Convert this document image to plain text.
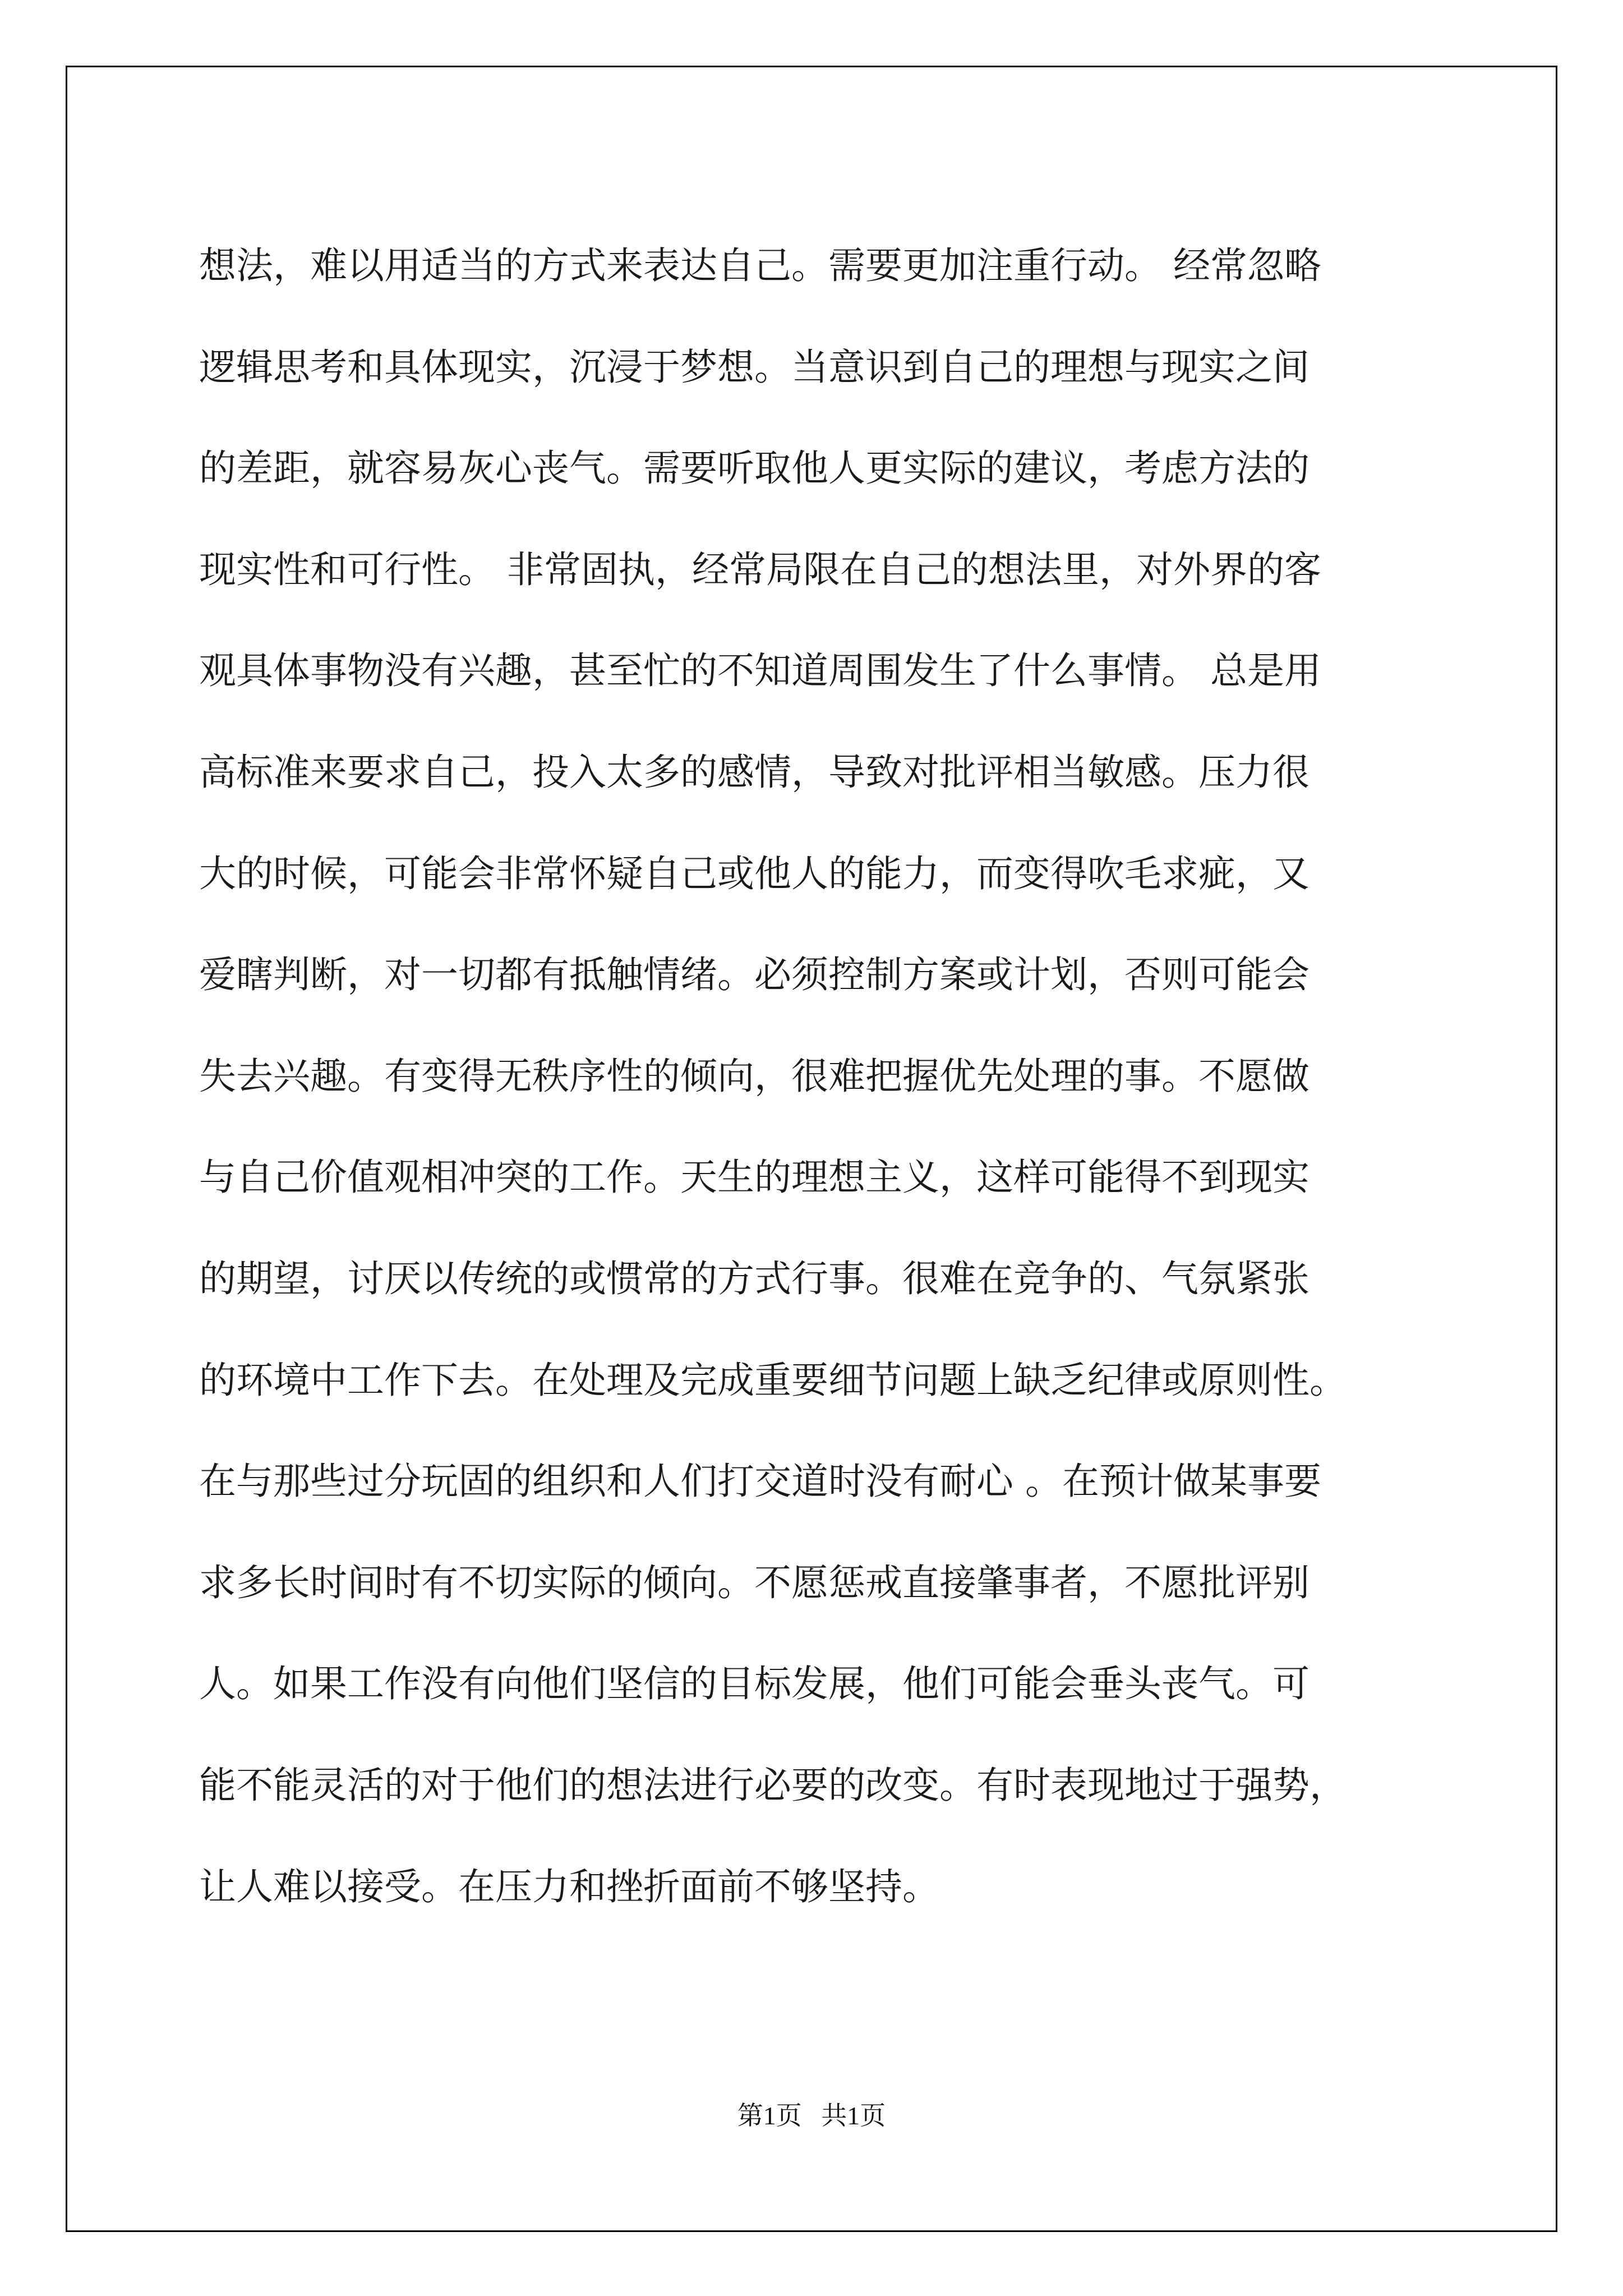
想法，难以用适当的方式来表达自己。需要更加注重行动。 经常忽略
逻辑思考和具体现实，沉浸于梦想。当意识到自己的理想与现实之间
的差距，就容易灰心丧气。需要听取他人更实际的建议，考虑方法的
现实性和可行性。 非常固执，经常局限在自己的想法里，对外界的客
观具体事物没有兴趣，甚至忙的不知道周围发生了什么事情。 总是用
高标准来要求自己，投入太多的感情，导致对批评相当敏感。压力很
大的时候，可能会非常怀疑自己或他人的能力，而变得吹毛求疵，又
爱瞎判断，对一切都有抵触情绪。必须控制方案或计划，否则可能会
失去兴趣。有变得无秩序性的倾向，很难把握优先处理的事。不愿做
与自己价值观相冲突的工作。天生的理想主义，这样可能得不到现实
的期望，讨厌以传统的或惯常的方式行事。很难在竞争的、气氛紧张
的环境中工作下去。在处理及完成重要细节问题上缺乏纪律或原则性。
在与那些过分玩固的组织和人们打交道时没有耐心 。在预计做某事要
求多长时间时有不切实际的倾向。不愿惩戒直接肇事者，不愿批评别
人。如果工作没有向他们坚信的目标发展，他们可能会垂头丧气。可
能不能灵活的对于他们的想法进行必要的改变。有时表现地过于强势，
让人难以接受。在压力和挫折面前不够坚持。
第1页   共1页
